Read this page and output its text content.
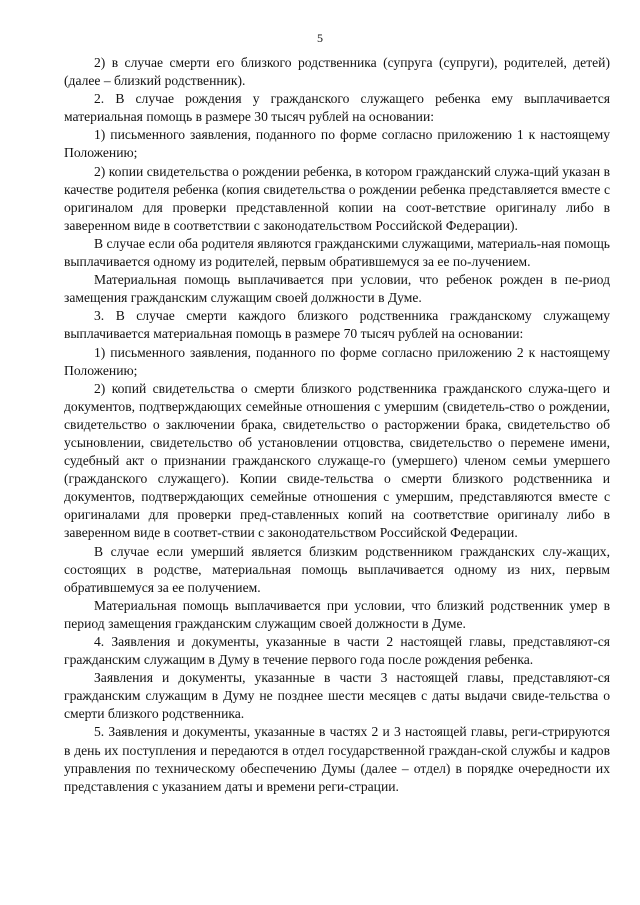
5

2) в случае смерти его близкого родственника (супруга (супруги), родителей, детей) (далее – близкий родственник).

2. В случае рождения у гражданского служащего ребенка ему выплачивается материальная помощь в размере 30 тысяч рублей на основании:

1) письменного заявления, поданного по форме согласно приложению 1 к настоящему Положению;

2) копии свидетельства о рождении ребенка, в котором гражданский служа-щий указан в качестве родителя ребенка (копия свидетельства о рождении ребенка представляется вместе с оригиналом для проверки представленной копии на соот-ветствие оригиналу либо в заверенном виде в соответствии с законодательством Российской Федерации).

В случае если оба родителя являются гражданскими служащими, материаль-ная помощь выплачивается одному из родителей, первым обратившемуся за ее по-лучением.

Материальная помощь выплачивается при условии, что ребенок рожден в пе-риод замещения гражданским служащим своей должности в Думе.

3. В случае смерти каждого близкого родственника гражданскому служащему выплачивается материальная помощь в размере 70 тысяч рублей на основании:

1) письменного заявления, поданного по форме согласно приложению 2 к настоящему Положению;

2) копий свидетельства о смерти близкого родственника гражданского служа-щего и документов, подтверждающих семейные отношения с умершим (свидетель-ство о рождении, свидетельство о заключении брака, свидетельство о расторжении брака, свидетельство об усыновлении, свидетельство об установлении отцовства, свидетельство о перемене имени, судебный акт о признании гражданского служаще-го (умершего) членом семьи умершего (гражданского служащего). Копии свиде-тельства о смерти близкого родственника и документов, подтверждающих семейные отношения с умершим, представляются вместе с оригиналами для проверки пред-ставленных копий на соответствие оригиналу либо в заверенном виде в соответ-ствии с законодательством Российской Федерации.

В случае если умерший является близким родственником гражданских слу-жащих, состоящих в родстве, материальная помощь выплачивается одному из них, первым обратившемуся за ее получением.

Материальная помощь выплачивается при условии, что близкий родственник умер в период замещения гражданским служащим своей должности в Думе.

4. Заявления и документы, указанные в части 2 настоящей главы, представляют-ся гражданским служащим в Думу в течение первого года после рождения ребенка.

Заявления и документы, указанные в части 3 настоящей главы, представляют-ся гражданским служащим в Думу не позднее шести месяцев с даты выдачи свиде-тельства о смерти близкого родственника.

5. Заявления и документы, указанные в частях 2 и 3 настоящей главы, реги-стрируются в день их поступления и передаются в отдел государственной граждан-ской службы и кадров управления по техническому обеспечению Думы (далее – отдел) в порядке очередности их представления с указанием даты и времени реги-страции.
